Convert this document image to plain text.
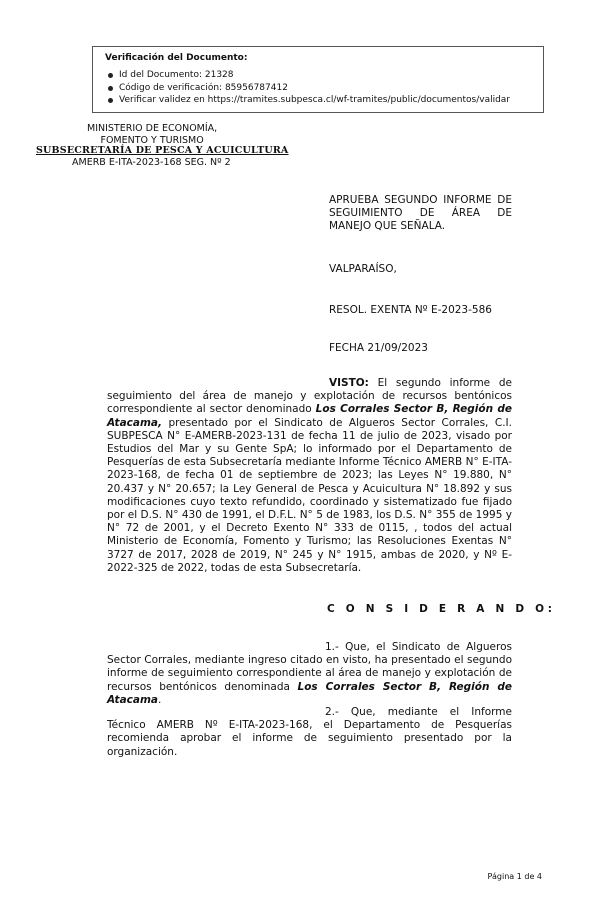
Verificación del Documento:
Id del Documento: 21328
Código de verificación: 85956787412
Verificar validez en https://tramites.subpesca.cl/wf-tramites/public/documentos/validar
MINISTERIO DE ECONOMÍA,
FOMENTO Y TURISMO
SUBSECRETARÍA DE PESCA Y ACUICULTURA
AMERB E-ITA-2023-168 SEG. Nº 2
APRUEBA SEGUNDO INFORME DE SEGUIMIENTO DE ÁREA DE MANEJO QUE SEÑALA.
VALPARAÍSO,
RESOL. EXENTA Nº E-2023-586
FECHA 21/09/2023
VISTO: El segundo informe de seguimiento del área de manejo y explotación de recursos bentónicos correspondiente al sector denominado Los Corrales Sector B, Región de Atacama, presentado por el Sindicato de Algueros Sector Corrales, C.I. SUBPESCA N° E-AMERB-2023-131 de fecha 11 de julio de 2023, visado por Estudios del Mar y su Gente SpA; lo informado por el Departamento de Pesquerías de esta Subsecretaría mediante Informe Técnico AMERB N° E-ITA-2023-168, de fecha 01 de septiembre de 2023; las Leyes N° 19.880, N° 20.437 y N° 20.657; la Ley General de Pesca y Acuicultura N° 18.892 y sus modificaciones cuyo texto refundido, coordinado y sistematizado fue fijado por el D.S. N° 430 de 1991, el D.F.L. N° 5 de 1983, los D.S. N° 355 de 1995 y N° 72 de 2001, y el Decreto Exento N° 333 de 0115, , todos del actual Ministerio de Economía, Fomento y Turismo; las Resoluciones Exentas N° 3727 de 2017, 2028 de 2019, N° 245 y N° 1915, ambas de 2020, y Nº E-2022-325 de 2022, todas de esta Subsecretaría.
C O N S I D E R A N D O:
1.- Que, el Sindicato de Algueros Sector Corrales, mediante ingreso citado en visto, ha presentado el segundo informe de seguimiento correspondiente al área de manejo y explotación de recursos bentónicos denominada Los Corrales Sector B, Región de Atacama.
2.- Que, mediante el Informe Técnico AMERB Nº E-ITA-2023-168, el Departamento de Pesquerías recomienda aprobar el informe de seguimiento presentado por la organización.
Página 1 de 4
